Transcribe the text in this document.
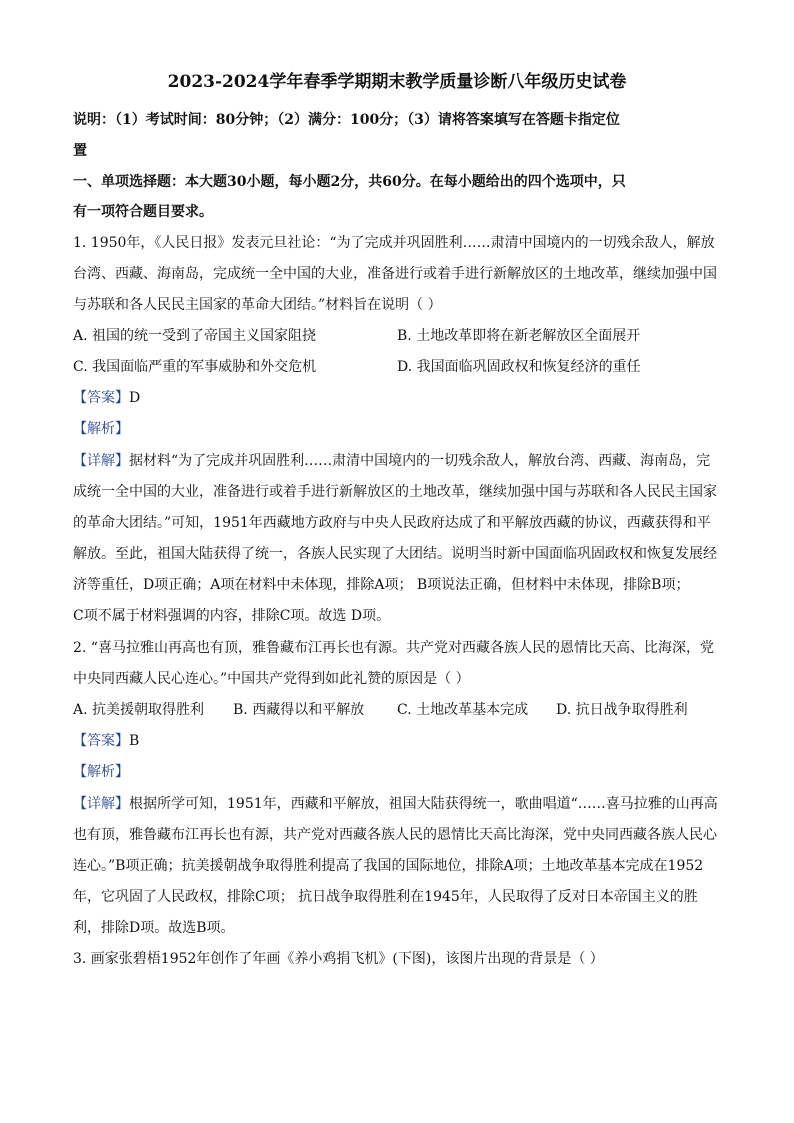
2023-2024学年春季学期期末教学质量诊断八年级历史试卷
说明：（1）考试时间：80分钟；（2）满分：100分；（3）请将答案填写在答题卡指定位
置
一、单项选择题：本大题30小题，每小题2分，共60分。在每小题给出的四个选项中，只
有一项符合题目要求。
1. 1950年，《人民日报》发表元旦社论：“为了完成并巩固胜利……肃清中国境内的一切残余敌人，解放
台湾、西藏、海南岛，完成统一全中国的大业，准备进行或着手进行新解放区的土地改革，继续加强中国
与苏联和各人民民主国家的革命大团结。”材料旨在说明（ ）
A. 祖国的统一受到了帝国主义国家阻挠	B. 土地改革即将在新老解放区全面展开
C. 我国面临严重的军事威胁和外交危机	D. 我国面临巩固政权和恢复经济的重任
【答案】D
【解析】
【详解】据材料“为了完成并巩固胜利……肃清中国境内的一切残余敌人，解放台湾、西藏、海南岛，完
成统一全中国的大业，准备进行或着手进行新解放区的土地改革，继续加强中国与苏联和各人民民主国家
的革命大团结。”可知，1951年西藏地方政府与中央人民政府达成了和平解放西藏的协议，西藏获得和平
解放。至此，祖国大陆获得了统一，各族人民实现了大团结。说明当时新中国面临巩固政权和恢复发展经
济等重任，D项正确；A项在材料中未体现，排除A项； B项说法正确，但材料中未体现，排除B项；
C项不属于材料强调的内容，排除C项。故选 D项。
2. “喜马拉雅山再高也有顶，雅鲁藏布江再长也有源。共产党对西藏各族人民的恩情比天高、比海深，党
中央同西藏人民心连心。”中国共产党得到如此礼赞的原因是（ ）
A. 抗美援朝取得胜利 B. 西藏得以和平解放 C. 土地改革基本完成 D. 抗日战争取得胜利
【答案】B
【解析】
【详解】根据所学可知，1951年，西藏和平解放，祖国大陆获得统一，歌曲唱道“……喜马拉雅的山再高
也有顶，雅鲁藏布江再长也有源，共产党对西藏各族人民的恩情比天高比海深，党中央同西藏各族人民心
连心。”B项正确；抗美援朝战争取得胜利提高了我国的国际地位，排除A项；土地改革基本完成在1952
年，它巩固了人民政权，排除C项； 抗日战争取得胜利在1945年，人民取得了反对日本帝国主义的胜
利，排除D项。故选B项。
3. 画家张碧梧1952年创作了年画《养小鸡捐飞机》(下图)，该图片出现的背景是（ ）
